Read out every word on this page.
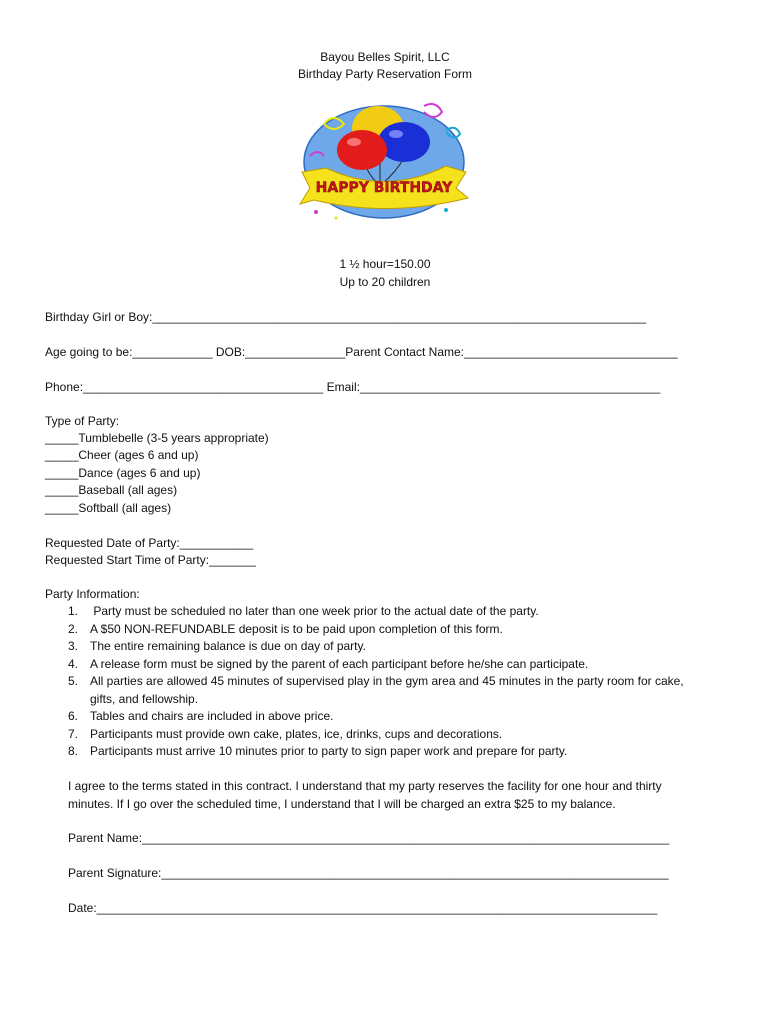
Bayou Belles Spirit, LLC
Birthday Party Reservation Form
HAPPY BIRTHDAY
1 ½ hour=150.00
Up to 20 children
Birthday Girl or Boy:__________________________________________________________________________
Age going to be:____________ DOB:_______________Parent Contact Name:________________________________
Phone:____________________________________ Email:_____________________________________________
Type of Party:
_____Tumblebelle (3-5 years appropriate)
_____Cheer (ages 6 and up)
_____Dance (ages 6 and up)
_____Baseball (all ages)
_____Softball (all ages)
Requested Date of Party:___________
Requested Start Time of Party:_______
Party Information:
1. Party must be scheduled no later than one week prior to the actual date of the party.
2. A $50 NON-REFUNDABLE deposit is to be paid upon completion of this form.
3. The entire remaining balance is due on day of party.
4. A release form must be signed by the parent of each participant before he/she can participate.
5. All parties are allowed 45 minutes of supervised play in the gym area and 45 minutes in the party room for cake,
gifts, and fellowship.
6. Tables and chairs are included in above price.
7. Participants must provide own cake, plates, ice, drinks, cups and decorations.
8. Participants must arrive 10 minutes prior to party to sign paper work and prepare for party.
I agree to the terms stated in this contract. I understand that my party reserves the facility for one hour and thirty
minutes. If I go over the scheduled time, I understand that I will be charged an extra $25 to my balance.
Parent Name:_______________________________________________________________________________
Parent Signature:____________________________________________________________________________
Date:____________________________________________________________________________________
